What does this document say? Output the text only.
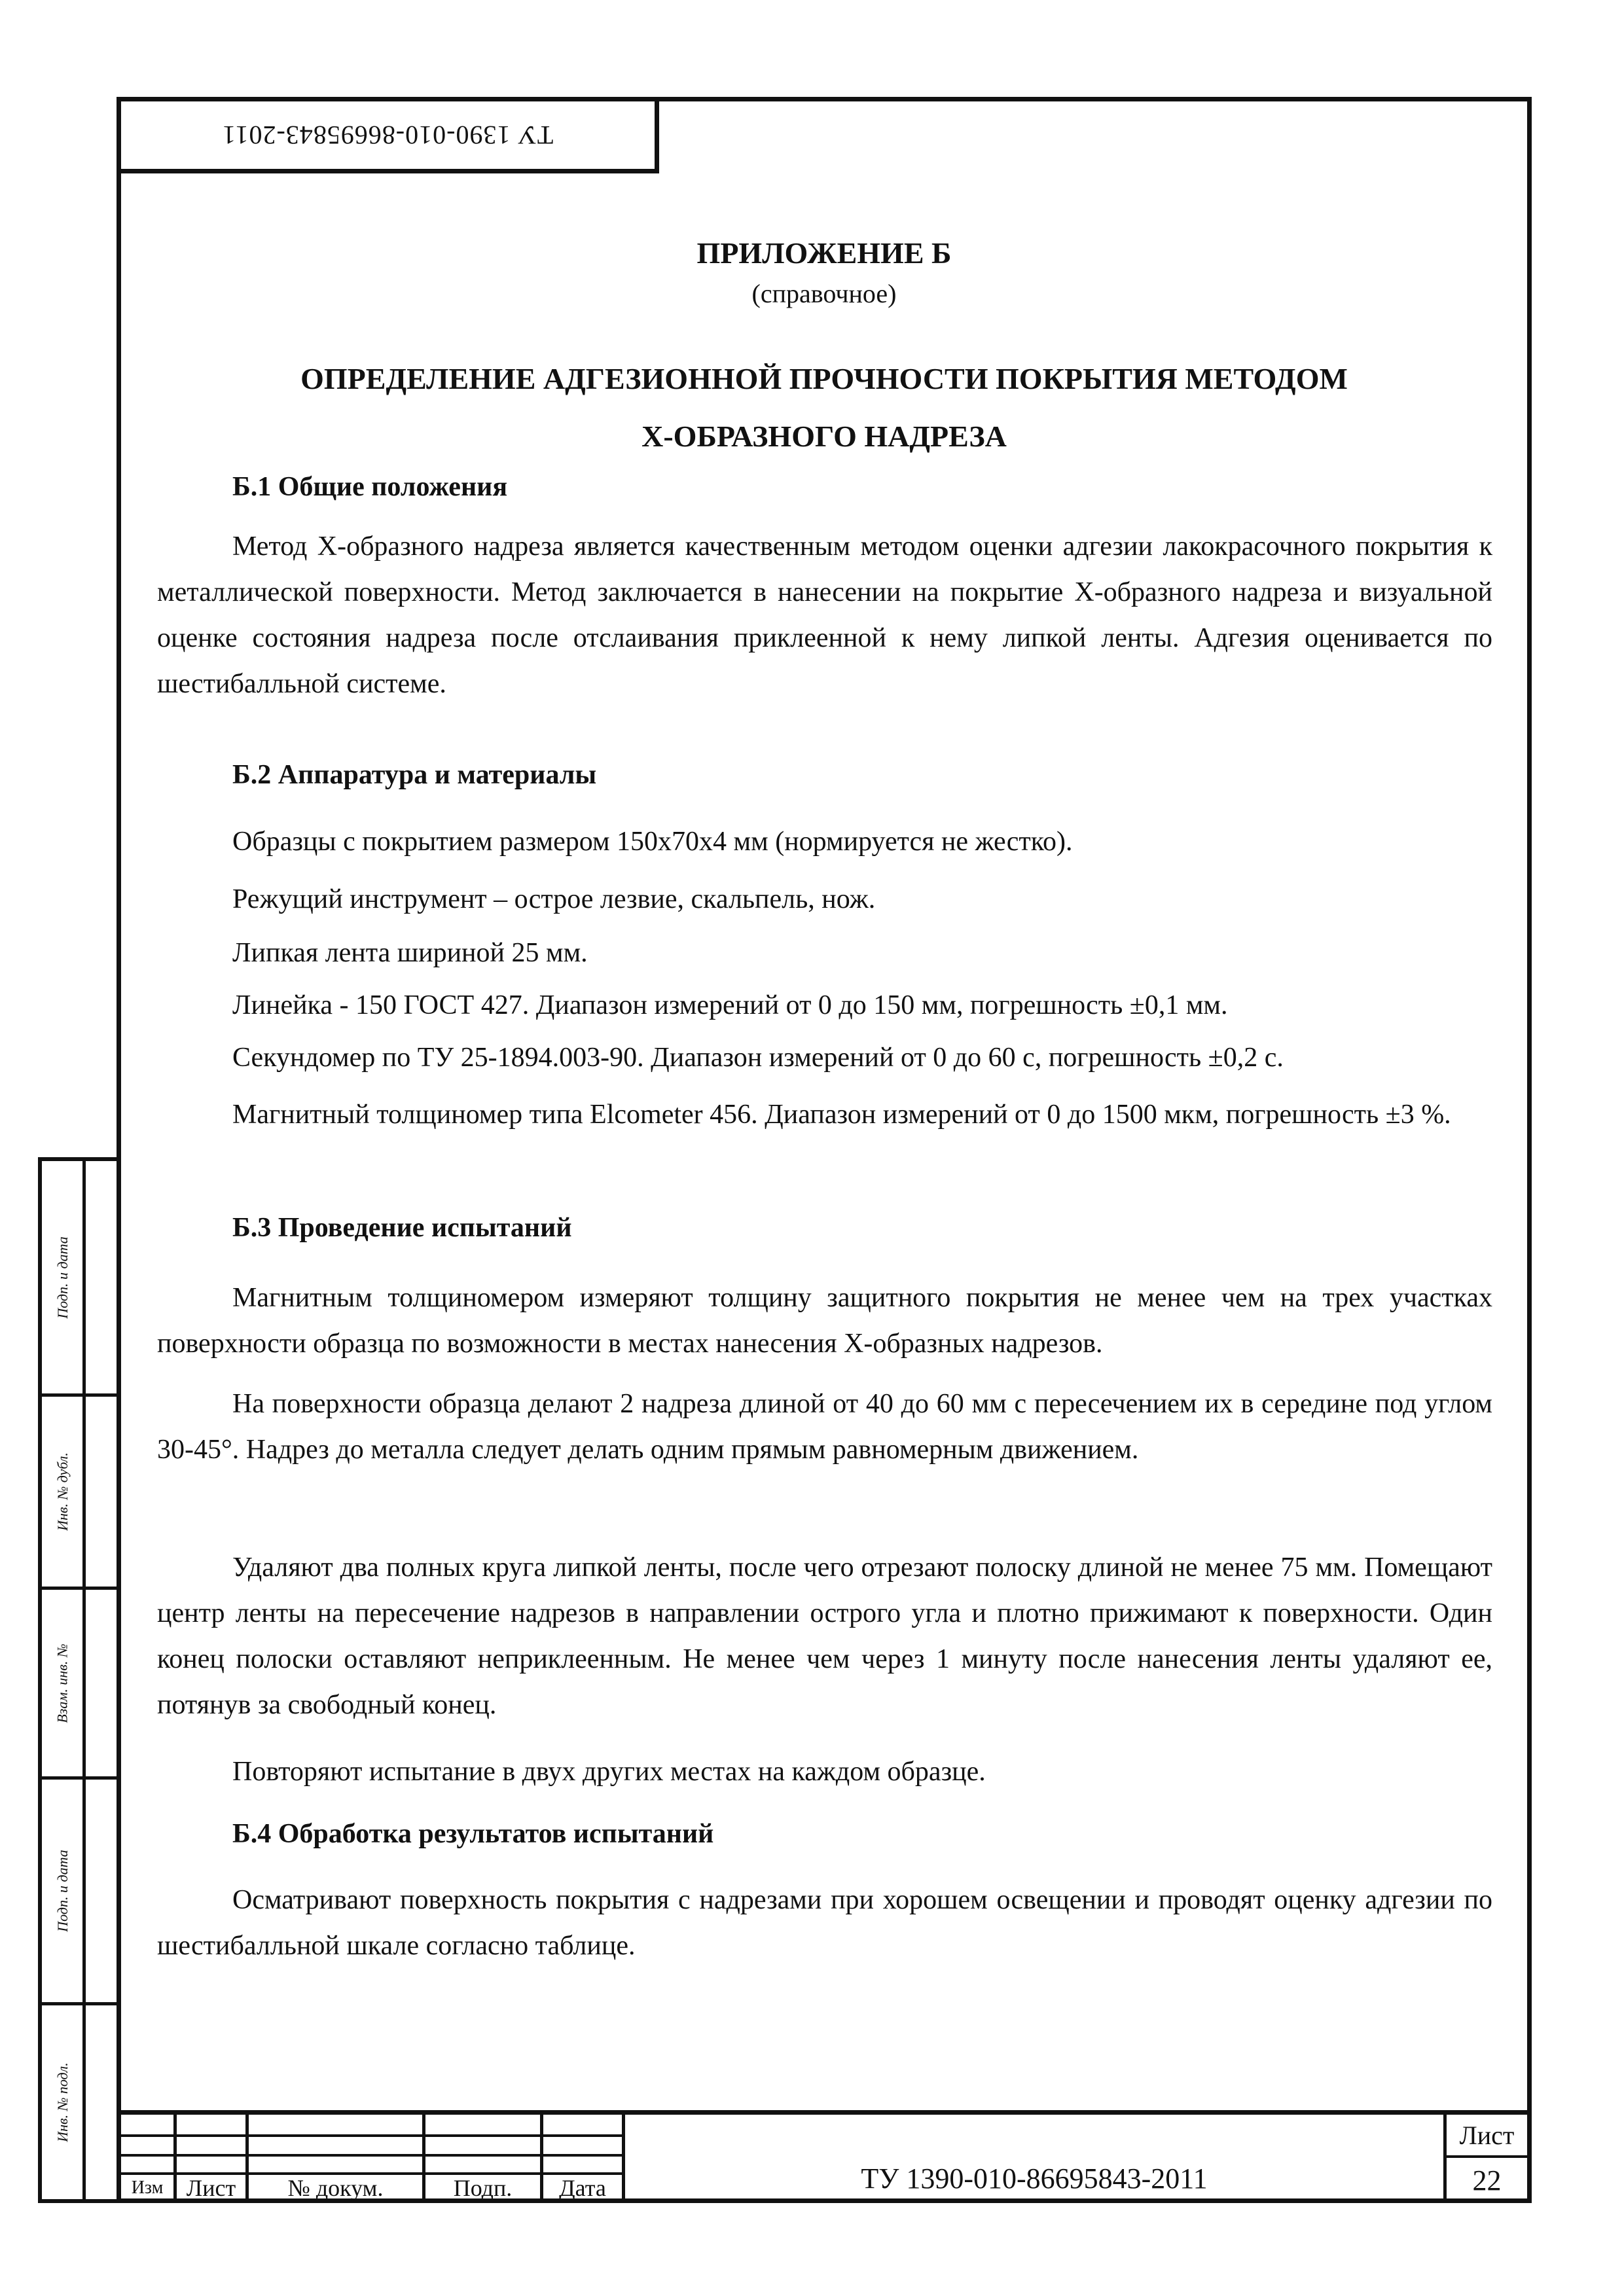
ТУ 1390-010-86695843-2011
Подп. и дата
Инв. № дубл.
Взам. инв. №
Подп. и дата
Инв. № подл.
ПРИЛОЖЕНИЕ Б
(справочное)
ОПРЕДЕЛЕНИЕ АДГЕЗИОННОЙ ПРОЧНОСТИ ПОКРЫТИЯ МЕТОДОМ
Х-ОБРАЗНОГО НАДРЕЗА
Б.1 Общие положения

Метод Х-образного надреза является качественным методом оценки адгезии лакокрасочного покрытия к металлической поверхности. Метод заключается в нанесении на покрытие Х-образного надреза и визуальной оценке состояния надреза после отслаивания приклеенной к нему липкой ленты. Адгезия оценивается по шестибалльной системе.

Б.2 Аппаратура и материалы

Образцы с покрытием размером 150х70х4 мм (нормируется не жестко).

Режущий инструмент – острое лезвие, скальпель, нож.

Липкая лента шириной 25 мм.

Линейка - 150 ГОСТ 427. Диапазон измерений от 0 до 150 мм, погрешность ±0,1 мм.

Секундомер по ТУ 25-1894.003-90. Диапазон измерений от 0 до 60 с, погрешность ±0,2 с.

Магнитный толщиномер типа Elcometer 456. Диапазон измерений от 0 до 1500 мкм, погрешность ±3 %.

Б.3 Проведение испытаний

Магнитным толщиномером измеряют толщину защитного покрытия не менее чем на трех участках поверхности образца по возможности в местах нанесения Х-образных надрезов.

На поверхности образца делают 2 надреза длиной от 40 до 60 мм с пересечением их в середине под углом 30-45°. Надрез до металла следует делать одним прямым равномерным движением.

Удаляют два полных круга липкой ленты, после чего отрезают полоску длиной не менее 75 мм. Помещают центр ленты на пересечение надрезов в направлении острого угла и плотно прижимают к поверхности. Один конец полоски оставляют неприклеенным. Не менее чем через 1 минуту после нанесения ленты удаляют ее, потянув за свободный конец.

Повторяют испытание в двух других местах на каждом образце.

Б.4 Обработка результатов испытаний

Осматривают поверхность покрытия с надрезами при хорошем освещении и проводят оценку адгезии по шестибалльной шкале согласно таблице.

Изм Лист	№ докум.	Подп.	Дата	ТУ 1390-010-86695843-2011
Лист
22
